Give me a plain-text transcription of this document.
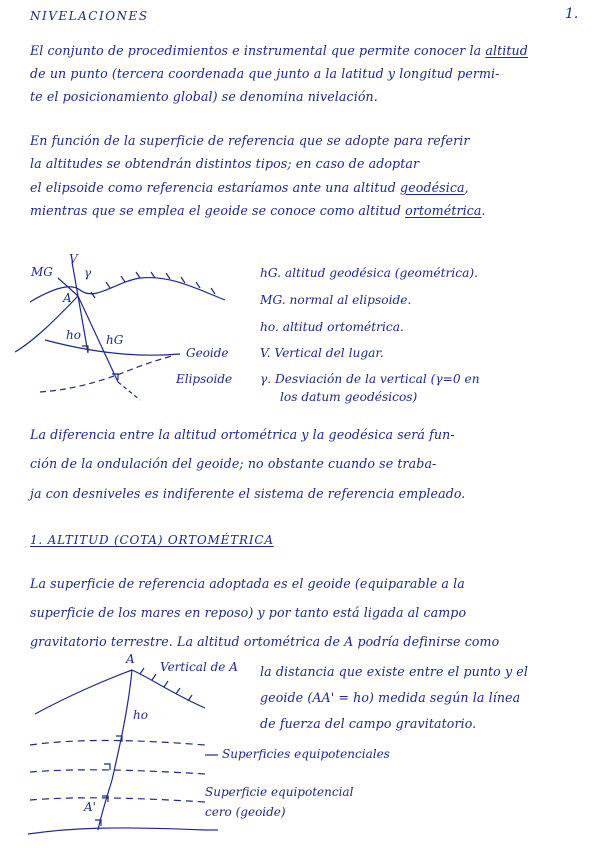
NIVELACIONES	1.
El conjunto de procedimientos e instrumental que permite conocer la altitud
de un punto (tercera coordenada que junto a la latitud y longitud permi-
te el posicionamiento global) se denomina nivelación.
En función de la superficie de referencia que se adopte para referir
la altitudes se obtendrán distintos tipos; en caso de adoptar
el elipsoide como referencia estaríamos ante una altitud geodésica,
mientras que se emplea el geoide se conoce como altitud ortométrica.
MG
V
γ
A
ho hG
Geoide
Elipsoide
hG. altitud geodésica (geométrica).
MG. normal al elipsoide.
ho. altitud ortométrica.
V. Vertical del lugar.
γ. Desviación de la vertical (γ=0 en
los datum geodésicos)
La diferencia entre la altitud ortométrica y la geodésica será fun-
ción de la ondulación del geoide; no obstante cuando se traba-
ja con desniveles es indiferente el sistema de referencia empleado.
1. ALTITUD (COTA) ORTOMÉTRICA
La superficie de referencia adoptada es el geoide (equiparable a la
superficie de los mares en reposo) y por tanto está ligada al campo
gravitatorio terrestre. La altitud ortométrica de A podría definirse como
la distancia que existe entre el punto y el
geoide (AA' = ho) medida según la línea
de fuerza del campo gravitatorio.
A
Vertical de A
ho
Superficies equipotenciales
A'
Superficie equipotencial
cero (geoide)
